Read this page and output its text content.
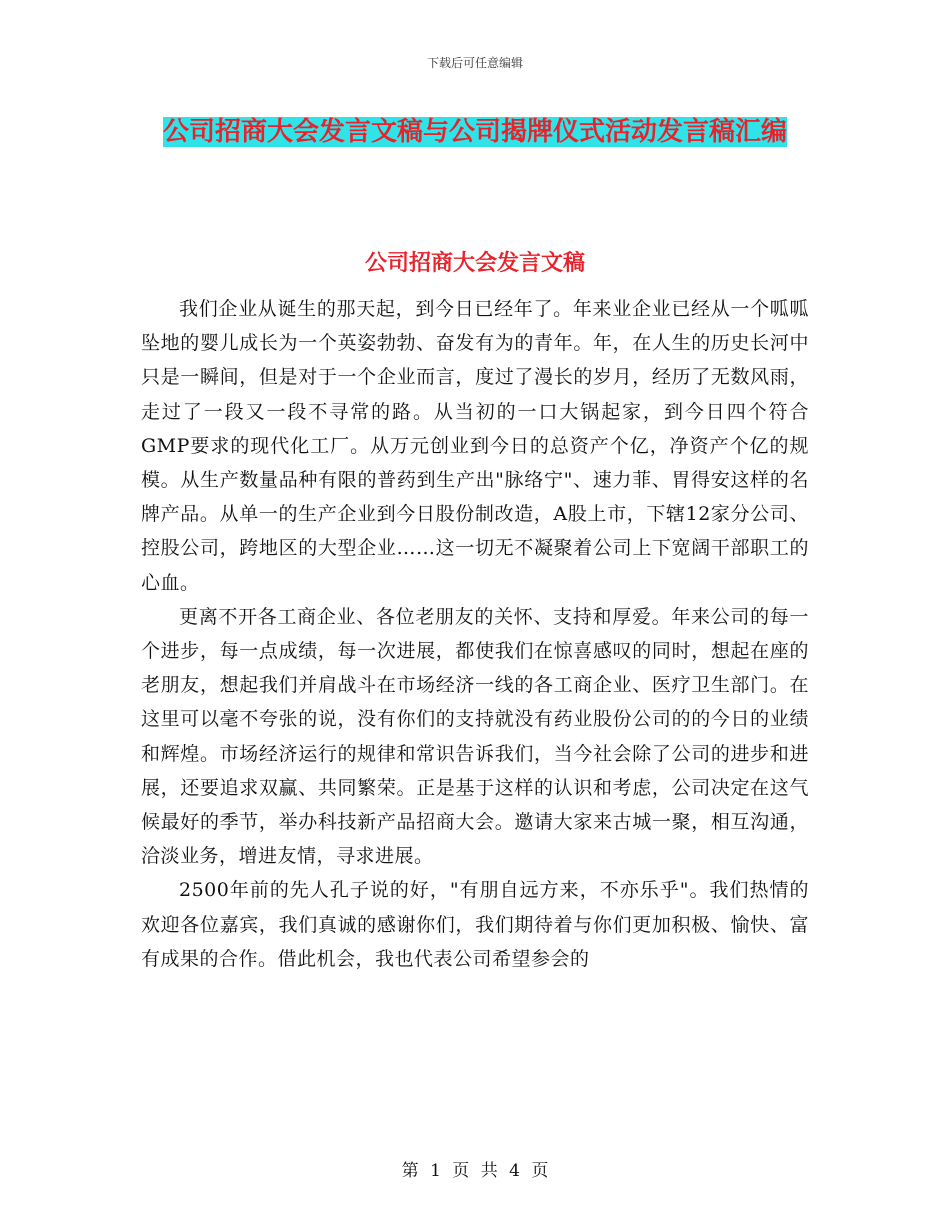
下载后可任意编辑
公司招商大会发言文稿与公司揭牌仪式活动发言稿汇编
公司招商大会发言文稿

我们企业从诞生的那天起，到今日已经年了。年来业企业已经从一个呱呱坠地的婴儿成长为一个英姿勃勃、奋发有为的青年。年，在人生的历史长河中只是一瞬间，但是对于一个企业而言，度过了漫长的岁月，经历了无数风雨，走过了一段又一段不寻常的路。从当初的一口大锅起家，到今日四个符合GMP要求的现代化工厂。从万元创业到今日的总资产个亿，净资产个亿的规模。从生产数量品种有限的普药到生产出"脉络宁"、速力菲、胃得安这样的名牌产品。从单一的生产企业到今日股份制改造，A股上市，下辖12家分公司、控股公司，跨地区的大型企业……这一切无不凝聚着公司上下宽阔干部职工的心血。

更离不开各工商企业、各位老朋友的关怀、支持和厚爱。年来公司的每一个进步，每一点成绩，每一次进展，都使我们在惊喜感叹的同时，想起在座的老朋友，想起我们并肩战斗在市场经济一线的各工商企业、医疗卫生部门。在这里可以毫不夸张的说，没有你们的支持就没有药业股份公司的的今日的业绩和辉煌。市场经济运行的规律和常识告诉我们，当今社会除了公司的进步和进展，还要追求双赢、共同繁荣。正是基于这样的认识和考虑，公司决定在这气候最好的季节，举办科技新产品招商大会。邀请大家来古城一聚，相互沟通，洽淡业务，增进友情，寻求进展。

2500年前的先人孔子说的好，"有朋自远方来，不亦乐乎"。我们热情的欢迎各位嘉宾，我们真诚的感谢你们，我们期待着与你们更加积极、愉快、富有成果的合作。借此机会，我也代表公司希望参会的

第 1 页 共 4 页
